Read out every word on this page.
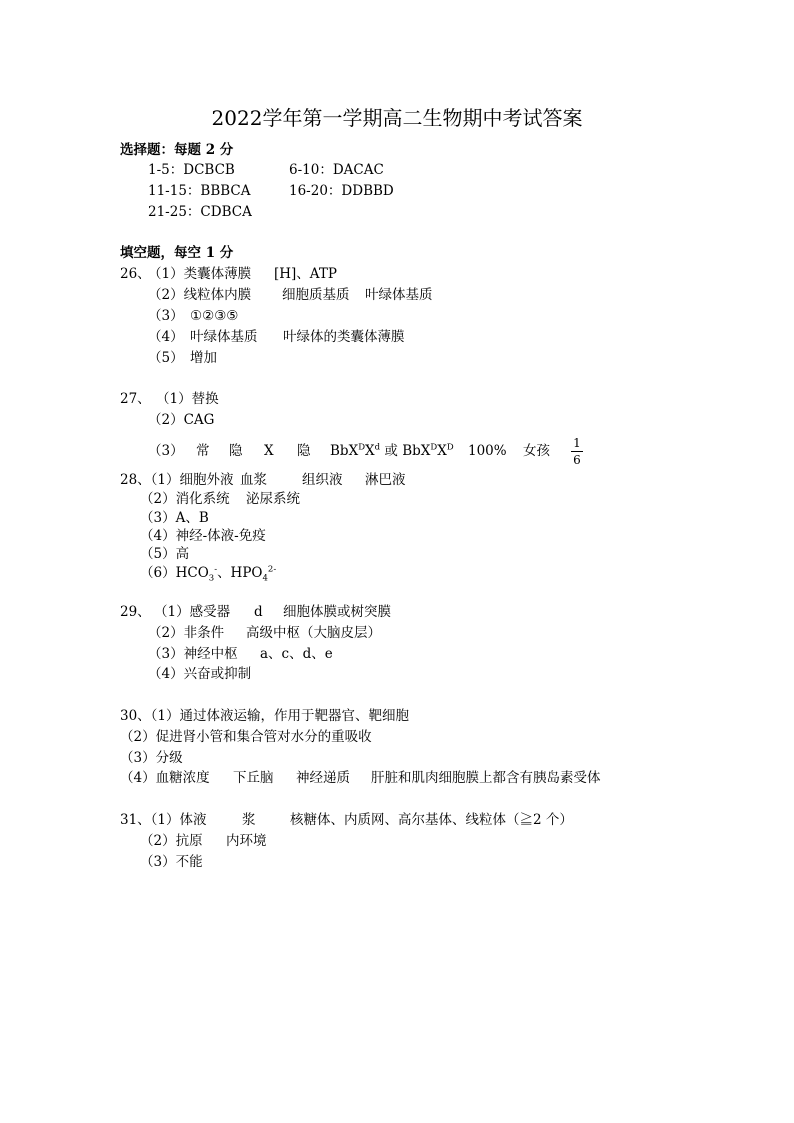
2022学年第一学期高二生物期中考试答案
选择题：每题 2 分
1-5：DCBCB	6-10：DACAC
11-15：BBBCA	16-20：DDBBD
21-25：CDBCA
填空题，每空 1 分
26、
（1）类囊体薄膜 [H]、ATP
（2）线粒体内膜 细胞质基质 叶绿体基质
（3） ①②③⑤
（4） 叶绿体基质 叶绿体的类囊体薄膜
（5） 增加
27、 （1）替换
（2）CAG
（3） 常 隐 X 隐 $BbX^DX^d$ 或 $BbX^DX^D$ 100% 女孩 1
6
28、（1）细胞外液 血浆	组织液 淋巴液
（2）消化系统 泌尿系统
（3）A、B
（4）神经-体液-免疫
（5）高
$(6)HCO_3^-$、$HPO_4^{2-}$
29、 （1）感受器 d 细胞体膜或树突膜
（2）非条件 高级中枢（大脑皮层）
（3）神经中枢 a、c、d、e
（4）兴奋或抑制
30、（1）通过体液运输，作用于靶器官、靶细胞
（2）促进肾小管和集合管对水分的重吸收
（3）分级
（4）血糖浓度 下丘脑 神经递质 肝脏和肌肉细胞膜上都含有胰岛素受体
31、（1）体液	浆	核糖体、内质网、高尔基体、线粒体（≧2 个）
（2）抗原 内环境
（3）不能
